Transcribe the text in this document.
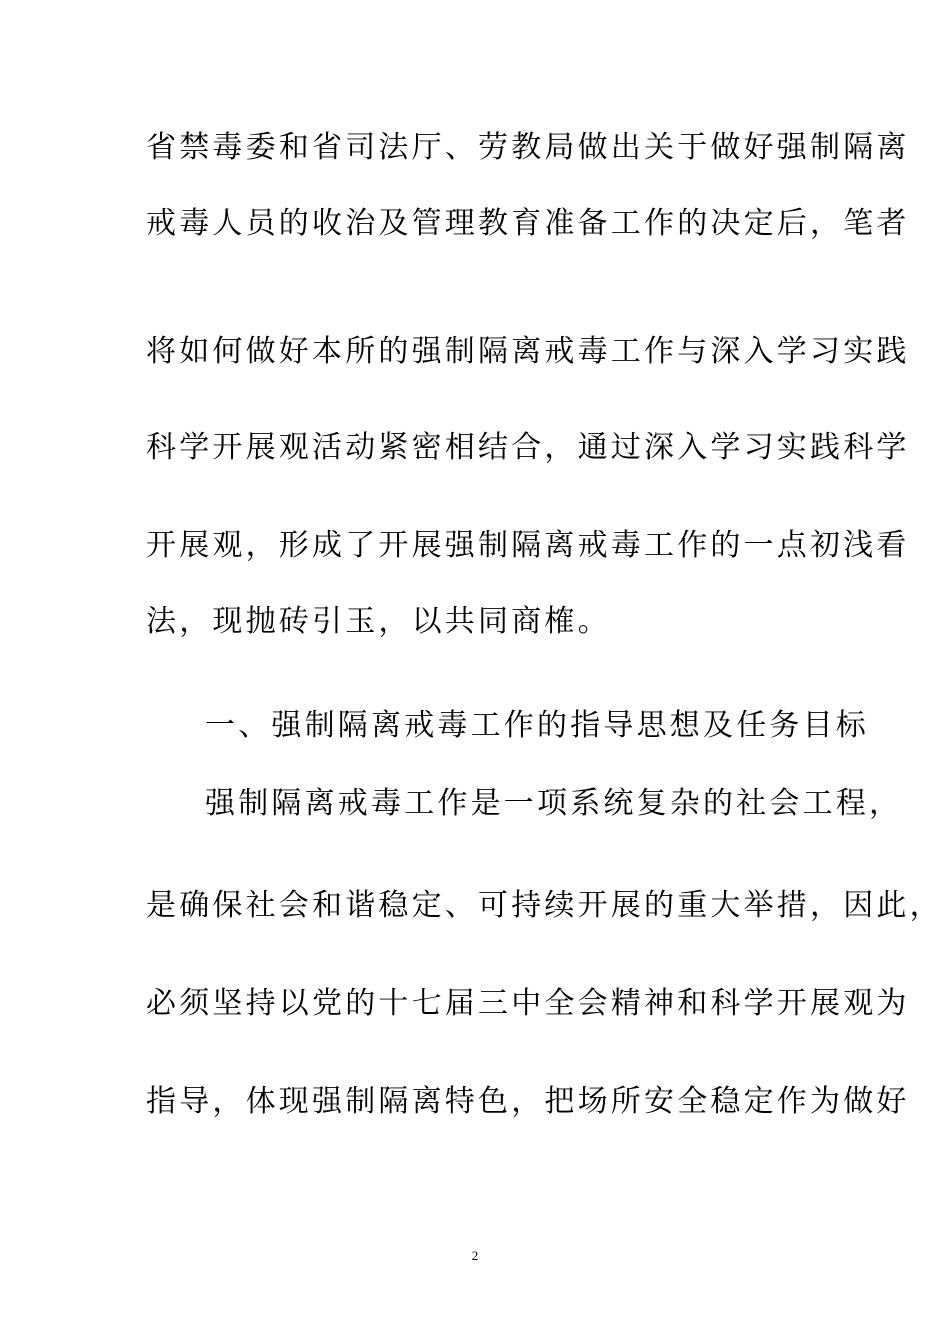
省禁毒委和省司法厅、劳教局做出关于做好强制隔离
戒毒人员的收治及管理教育准备工作的决定后，笔者
将如何做好本所的强制隔离戒毒工作与深入学习实践
科学开展观活动紧密相结合，通过深入学习实践科学
开展观，形成了开展强制隔离戒毒工作的一点初浅看
法，现抛砖引玉，以共同商榷。
一、强制隔离戒毒工作的指导思想及任务目标
强制隔离戒毒工作是一项系统复杂的社会工程，
是确保社会和谐稳定、可持续开展的重大举措，因此，
必须坚持以党的十七届三中全会精神和科学开展观为
指导，体现强制隔离特色，把场所安全稳定作为做好
2
